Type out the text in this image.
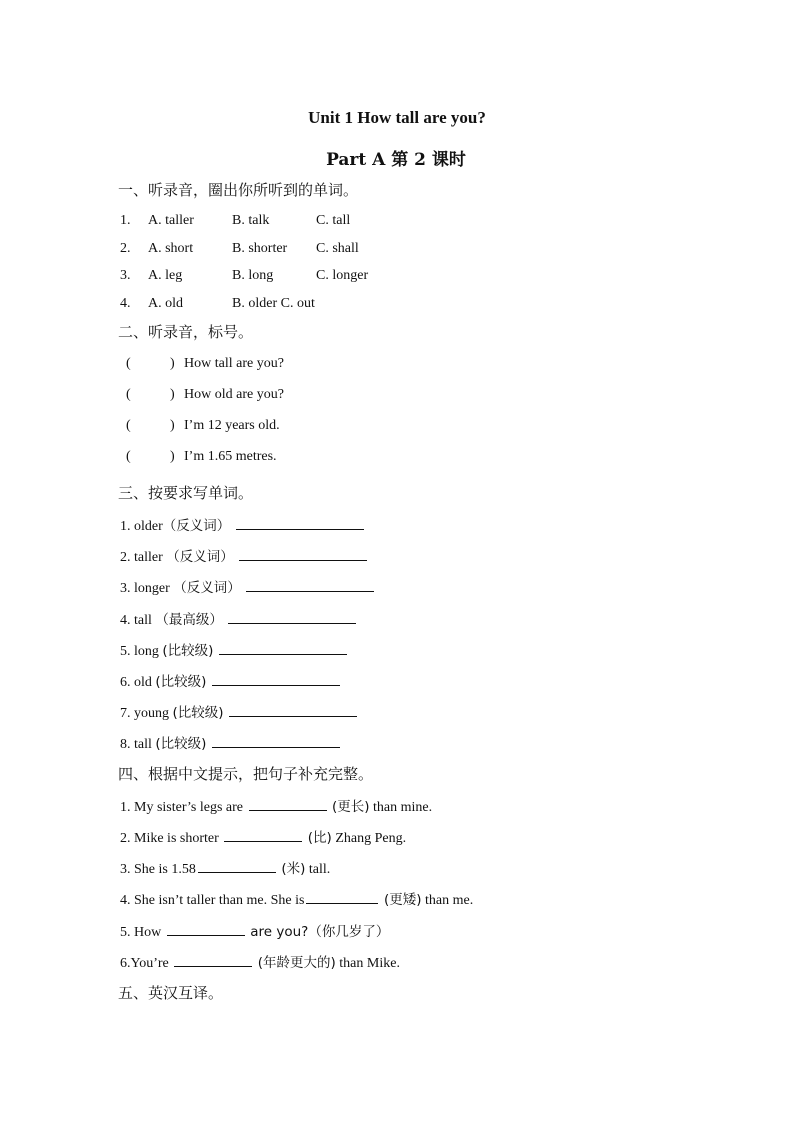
Unit 1 How tall are you?
Part A 第 2 课时
一、听录音，圈出你所听到的单词。
1. A. taller	B. talk	C. tall
2. A. short	B. shorter C. shall
3. A. leg	B. long	C. longer
4. A. old	B. older C. out
二、听录音，标号。
(	) How tall are you?
(	) How old are you?
(	) I’m 12 years old.
(	) I’m 1.65 metres.
三、按要求写单词。
1. older（反义词）
2. taller （反义词）
3. longer （反义词）
4. tall （最高级）
5. long (比较级)
6. old (比较级)
7. young (比较级)
8. tall (比较级)
四、根据中文提示，把句子补充完整。
1. My sister’s legs are	(更长) than mine.
2. Mike is shorter	(比) Zhang Peng.
3. She is 1.58	(米) tall.
4. She isn’t taller than me. She is	(更矮) than me.
5. How	are you?（你几岁了）
6.You’re	(年龄更大的) than Mike.
五、英汉互译。
